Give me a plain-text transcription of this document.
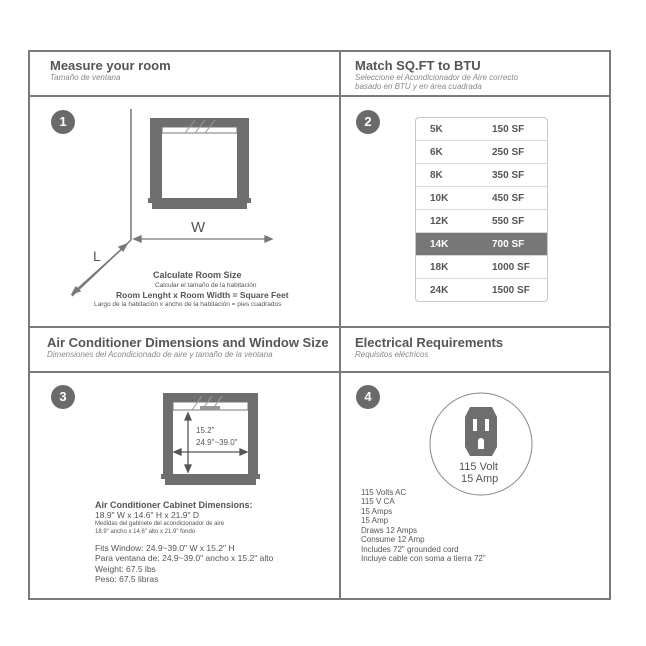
Measure your room
Tamaño de ventana
1
W
L
Calculate Room Size
Calcular el tamaño de la habitación
Room Lenght x Room Width = Square Feet
Largo de la habitación x ancho de la habitación = pies cuadrados
Match SQ.FT to BTU
Seleccione el Acondicionador de Aire correcto
basado en BTU y en área cuadrada
2	5K	150 SF
6K	250 SF
8K	350 SF
10K	450 SF
12K	550 SF
14K	700 SF
18K	1000 SF
24K	1500 SF
Air Conditioner Dimensions and Window Size
Dimensiones del Acondicionado de aire y tamaño de la ventana
3
15.2"
24.9"~39.0"
Air Conditioner Cabinet Dimensions:
18.9" W x 14.6" H x 21.9" D
Medidas del gabinete del acondicionador de aire
18.9" ancho x 14.6" alto x 21.9" fondo
Fits Window: 24.9~39.0" W x 15.2" H
Para ventana de: 24.9~39.0" ancho x 15.2" alto
Weight: 67.5 lbs
Peso: 67.5 libras
Electrical Requirements
Requisitos eléctricos
4
115 Volt
15 Amp
115 Volts AC
115 V CA
15 Amps
15 Amp
Draws 12 Amps
Consume 12 Amp
Includes 72" grounded cord
Incluye cable con soma a tierra 72"
